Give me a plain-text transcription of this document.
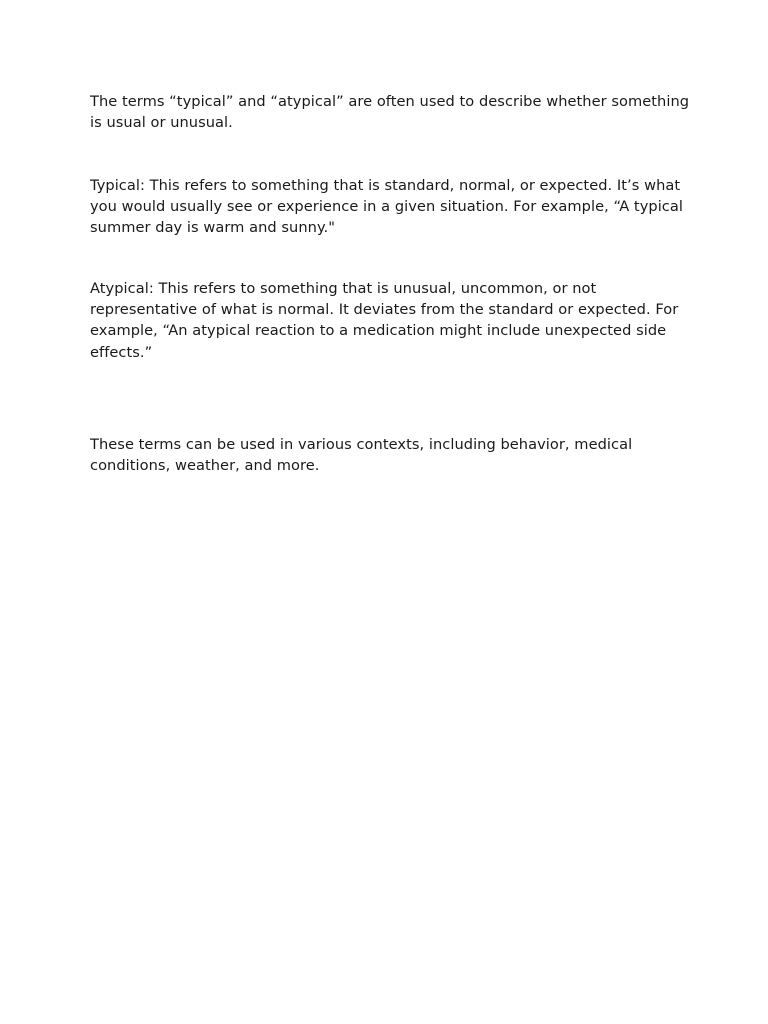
The terms “typical” and “atypical” are often used to describe whether something is usual or unusual.

Typical: This refers to something that is standard, normal, or expected. It’s what you would usually see or experience in a given situation. For example, “A typical summer day is warm and sunny."

Atypical: This refers to something that is unusual, uncommon, or not representative of what is normal. It deviates from the standard or expected. For example, “An atypical reaction to a medication might include unexpected side effects.”

These terms can be used in various contexts, including behavior, medical conditions, weather, and more.
